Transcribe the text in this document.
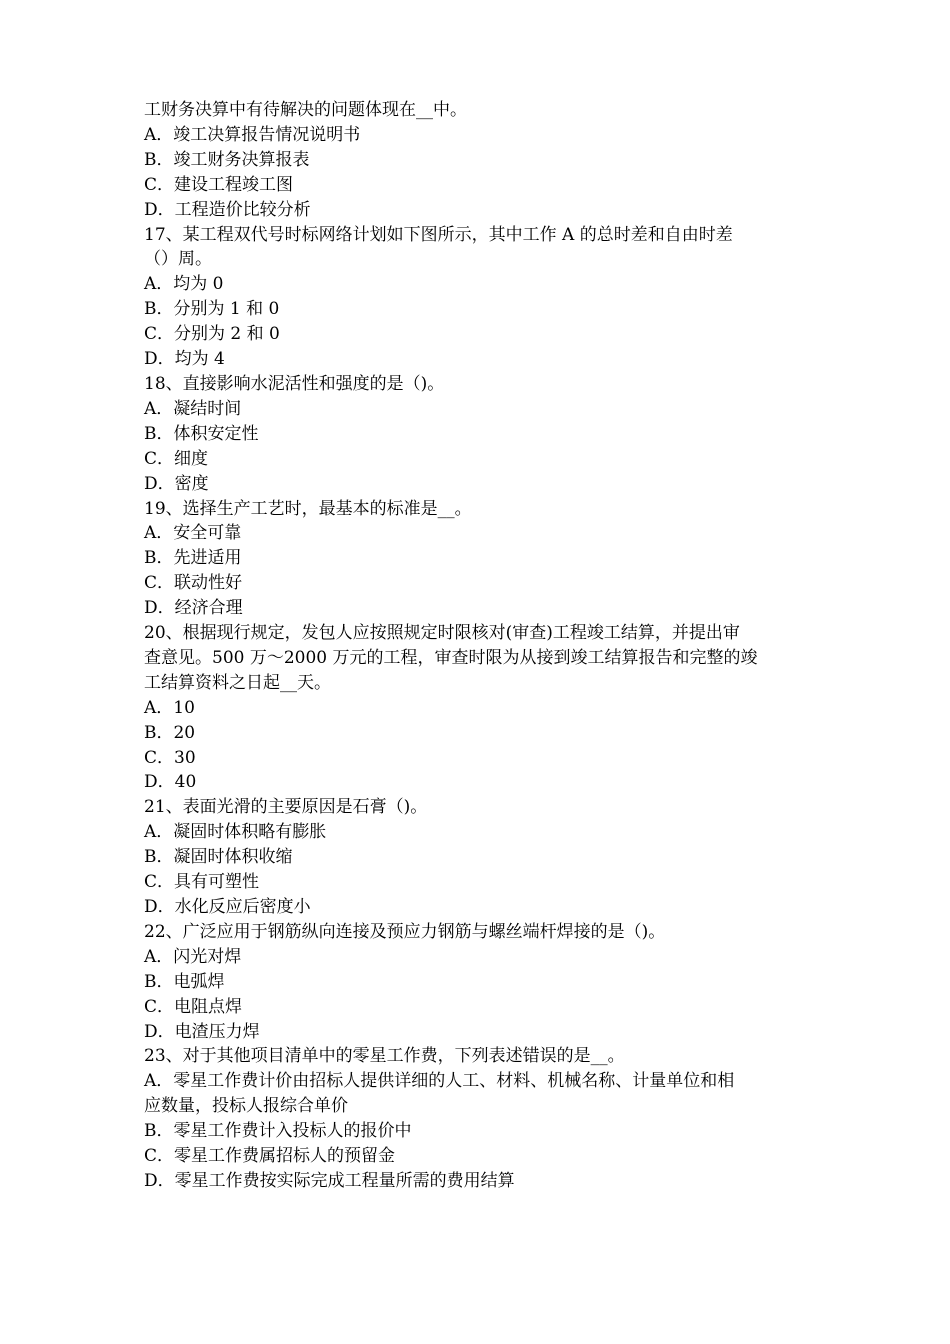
工财务决算中有待解决的问题体现在__中。
A．竣工决算报告情况说明书
B．竣工财务决算报表
C．建设工程竣工图
D．工程造价比较分析
17、某工程双代号时标网络计划如下图所示，其中工作 A 的总时差和自由时差
（）周。
A．均为 0
B．分别为 1 和 0
C．分别为 2 和 0
D．均为 4
18、直接影响水泥活性和强度的是（)。
A．凝结时间
B．体积安定性
C．细度
D．密度
19、选择生产工艺时，最基本的标准是__。
A．安全可靠
B．先进适用
C．联动性好
D．经济合理
20、根据现行规定，发包人应按照规定时限核对(审查)工程竣工结算，并提出审
查意见。500 万～2000 万元的工程，审查时限为从接到竣工结算报告和完整的竣
工结算资料之日起__天。
A．10
B．20
C．30
D．40
21、表面光滑的主要原因是石膏（)。
A．凝固时体积略有膨胀
B．凝固时体积收缩
C．具有可塑性
D．水化反应后密度小
22、广泛应用于钢筋纵向连接及预应力钢筋与螺丝端杆焊接的是（)。
A．闪光对焊
B．电弧焊
C．电阻点焊
D．电渣压力焊
23、对于其他项目清单中的零星工作费，下列表述错误的是__。
A．零星工作费计价由招标人提供详细的人工、材料、机械名称、计量单位和相
应数量，投标人报综合单价
B．零星工作费计入投标人的报价中
C．零星工作费属招标人的预留金
D．零星工作费按实际完成工程量所需的费用结算
